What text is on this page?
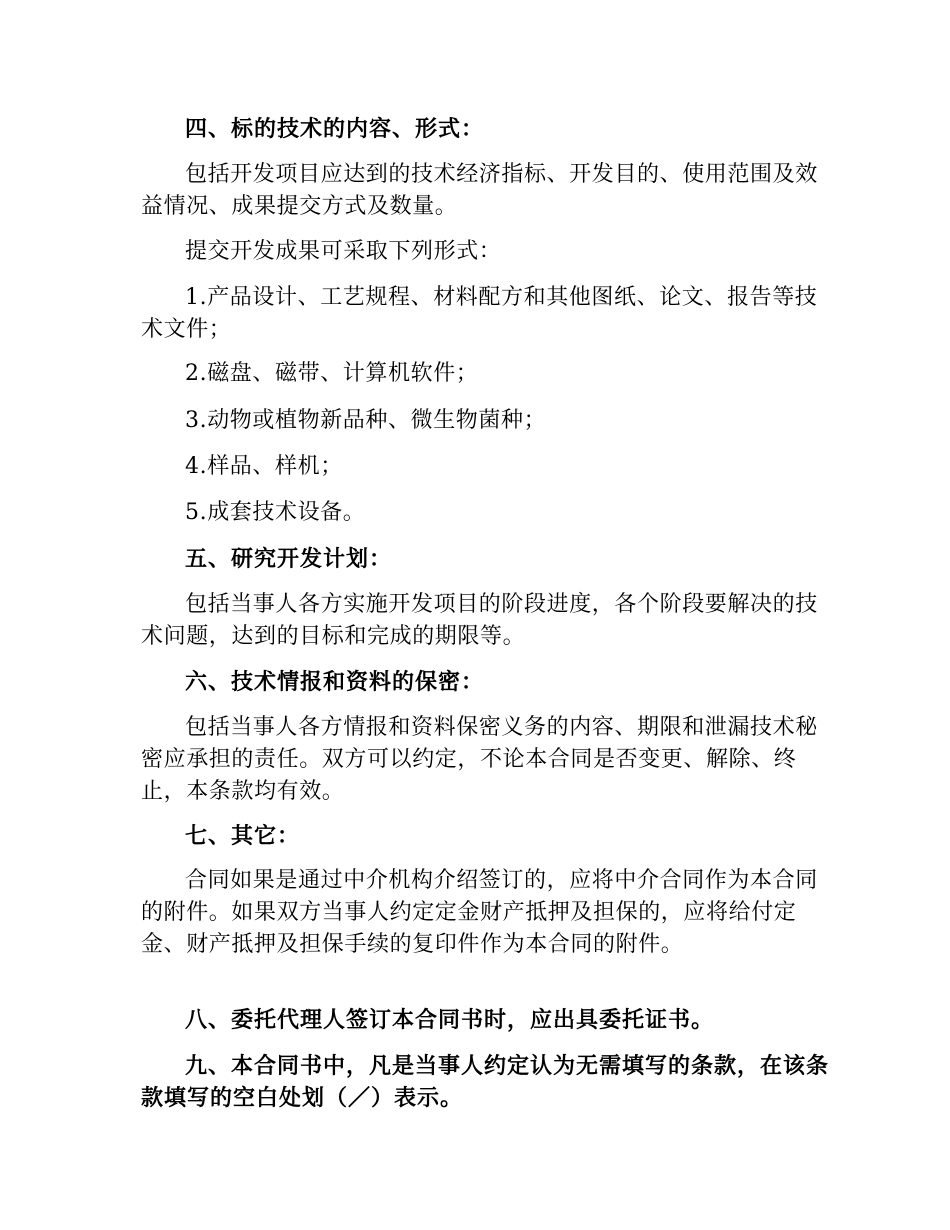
四、标的技术的内容、形式：

包括开发项目应达到的技术经济指标、开发目的、使用范围及效益情况、成果提交方式及数量。

提交开发成果可采取下列形式：

1.产品设计、工艺规程、材料配方和其他图纸、论文、报告等技术文件；

2.磁盘、磁带、计算机软件；

3.动物或植物新品种、微生物菌种；

4.样品、样机；

5.成套技术设备。

五、研究开发计划：

包括当事人各方实施开发项目的阶段进度，各个阶段要解决的技术问题，达到的目标和完成的期限等。

六、技术情报和资料的保密：

包括当事人各方情报和资料保密义务的内容、期限和泄漏技术秘密应承担的责任。双方可以约定，不论本合同是否变更、解除、终止，本条款均有效。

七、其它：

合同如果是通过中介机构介绍签订的，应将中介合同作为本合同的附件。如果双方当事人约定定金财产抵押及担保的，应将给付定金、财产抵押及担保手续的复印件作为本合同的附件。

八、委托代理人签订本合同书时，应出具委托证书。

九、本合同书中，凡是当事人约定认为无需填写的条款，在该条款填写的空白处划（／）表示。
